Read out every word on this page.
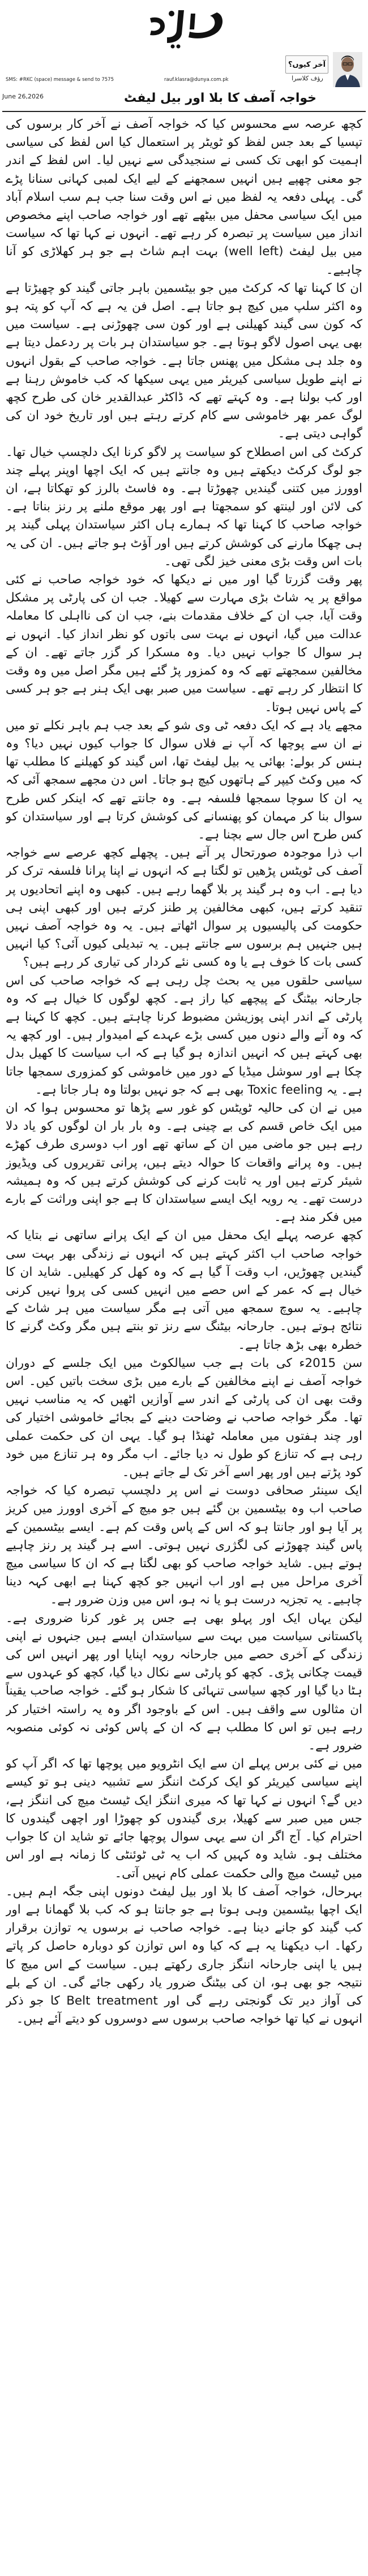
آخر کیوں؟
رؤف کلاسرا
SMS: #RKC (space) message & send to 7575	rauf.klasra@dunya.com.pk
June 26,2026	خواجہ آصف کا بلا اور بیل لیفٹ

کچھ عرصہ سے محسوس کیا کہ خواجہ آصف نے آخر کار برسوں کی تپسیا کے بعد جس لفظ کو ٹویٹر پر استعمال کیا اس لفظ کی سیاسی اہمیت کو ابھی تک کسی نے سنجیدگی سے نہیں لیا۔ اس لفظ کے اندر جو معنی چھپے ہیں انہیں سمجھنے کے لیے ایک لمبی کہانی سنانا پڑے گی۔ پہلی دفعہ یہ لفظ میں نے اس وقت سنا جب ہم سب اسلام آباد میں ایک سیاسی محفل میں بیٹھے تھے اور خواجہ صاحب اپنے مخصوص انداز میں سیاست پر تبصرہ کر رہے تھے۔ انہوں نے کہا تھا کہ سیاست میں بیل لیفٹ (well left) بہت اہم شاٹ ہے جو ہر کھلاڑی کو آنا چاہیے۔

ان کا کہنا تھا کہ کرکٹ میں جو بیٹسمین باہر جاتی گیند کو چھیڑتا ہے وہ اکثر سلپ میں کیچ ہو جاتا ہے۔ اصل فن یہ ہے کہ آپ کو پتہ ہو کہ کون سی گیند کھیلنی ہے اور کون سی چھوڑنی ہے۔ سیاست میں بھی یہی اصول لاگو ہوتا ہے۔ جو سیاستدان ہر بات پر ردعمل دیتا ہے وہ جلد ہی مشکل میں پھنس جاتا ہے۔ خواجہ صاحب کے بقول انہوں نے اپنے طویل سیاسی کیریئر میں یہی سیکھا کہ کب خاموش رہنا ہے اور کب بولنا ہے۔ وہ کہتے تھے کہ ڈاکٹر عبدالقدیر خان کی طرح کچھ لوگ عمر بھر خاموشی سے کام کرتے رہتے ہیں اور تاریخ خود ان کی گواہی دیتی ہے۔

کرکٹ کی اس اصطلاح کو سیاست پر لاگو کرنا ایک دلچسپ خیال تھا۔ جو لوگ کرکٹ دیکھتے ہیں وہ جانتے ہیں کہ ایک اچھا اوپنر پہلے چند اوورز میں کتنی گیندیں چھوڑتا ہے۔ وہ فاسٹ بالرز کو تھکاتا ہے، ان کی لائن اور لینتھ کو سمجھتا ہے اور پھر موقع ملنے پر رنز بناتا ہے۔ خواجہ صاحب کا کہنا تھا کہ ہمارے ہاں اکثر سیاستدان پہلی گیند پر ہی چھکا مارنے کی کوشش کرتے ہیں اور آؤٹ ہو جاتے ہیں۔ ان کی یہ بات اس وقت بڑی معنی خیز لگی تھی۔

پھر وقت گزرتا گیا اور میں نے دیکھا کہ خود خواجہ صاحب نے کئی مواقع پر یہ شاٹ بڑی مہارت سے کھیلا۔ جب ان کی پارٹی پر مشکل وقت آیا، جب ان کے خلاف مقدمات بنے، جب ان کی نااہلی کا معاملہ عدالت میں گیا، انہوں نے بہت سی باتوں کو نظر انداز کیا۔ انہوں نے ہر سوال کا جواب نہیں دیا۔ وہ مسکرا کر گزر جاتے تھے۔ ان کے مخالفین سمجھتے تھے کہ وہ کمزور پڑ گئے ہیں مگر اصل میں وہ وقت کا انتظار کر رہے تھے۔ سیاست میں صبر بھی ایک ہنر ہے جو ہر کسی کے پاس نہیں ہوتا۔

مجھے یاد ہے کہ ایک دفعہ ٹی وی شو کے بعد جب ہم باہر نکلے تو میں نے ان سے پوچھا کہ آپ نے فلاں سوال کا جواب کیوں نہیں دیا؟ وہ ہنس کر بولے: بھائی یہ بیل لیفٹ تھا، اس گیند کو کھیلنے کا مطلب تھا کہ میں وکٹ کیپر کے ہاتھوں کیچ ہو جاتا۔ اس دن مجھے سمجھ آئی کہ یہ ان کا سوچا سمجھا فلسفہ ہے۔ وہ جانتے تھے کہ اینکر کس طرح سوال بنا کر مہمان کو پھنسانے کی کوشش کرتا ہے اور سیاستدان کو کس طرح اس جال سے بچنا ہے۔

اب ذرا موجودہ صورتحال پر آتے ہیں۔ پچھلے کچھ عرصے سے خواجہ آصف کی ٹویٹس پڑھیں تو لگتا ہے کہ انہوں نے اپنا پرانا فلسفہ ترک کر دیا ہے۔ اب وہ ہر گیند پر بلا گھما رہے ہیں۔ کبھی وہ اپنے اتحادیوں پر تنقید کرتے ہیں، کبھی مخالفین پر طنز کرتے ہیں اور کبھی اپنی ہی حکومت کی پالیسیوں پر سوال اٹھاتے ہیں۔ یہ وہ خواجہ آصف نہیں ہیں جنہیں ہم برسوں سے جانتے ہیں۔ یہ تبدیلی کیوں آئی؟ کیا انہیں کسی بات کا خوف ہے یا وہ کسی نئے کردار کی تیاری کر رہے ہیں؟

سیاسی حلقوں میں یہ بحث چل رہی ہے کہ خواجہ صاحب کی اس جارحانہ بیٹنگ کے پیچھے کیا راز ہے۔ کچھ لوگوں کا خیال ہے کہ وہ پارٹی کے اندر اپنی پوزیشن مضبوط کرنا چاہتے ہیں۔ کچھ کا کہنا ہے کہ وہ آنے والے دنوں میں کسی بڑے عہدے کے امیدوار ہیں۔ اور کچھ یہ بھی کہتے ہیں کہ انہیں اندازہ ہو گیا ہے کہ اب سیاست کا کھیل بدل چکا ہے اور سوشل میڈیا کے دور میں خاموشی کو کمزوری سمجھا جاتا ہے۔ یہ Toxic feeling بھی ہے کہ جو نہیں بولتا وہ ہار جاتا ہے۔

میں نے ان کی حالیہ ٹویٹس کو غور سے پڑھا تو محسوس ہوا کہ ان میں ایک خاص قسم کی بے چینی ہے۔ وہ بار بار ان لوگوں کو یاد دلا رہے ہیں جو ماضی میں ان کے ساتھ تھے اور اب دوسری طرف کھڑے ہیں۔ وہ پرانے واقعات کا حوالہ دیتے ہیں، پرانی تقریروں کی ویڈیوز شیئر کرتے ہیں اور یہ ثابت کرنے کی کوشش کرتے ہیں کہ وہ ہمیشہ درست تھے۔ یہ رویہ ایک ایسے سیاستدان کا ہے جو اپنی وراثت کے بارے میں فکر مند ہے۔

کچھ عرصہ پہلے ایک محفل میں ان کے ایک پرانے ساتھی نے بتایا کہ خواجہ صاحب اب اکثر کہتے ہیں کہ انہوں نے زندگی بھر بہت سی گیندیں چھوڑیں، اب وقت آ گیا ہے کہ وہ کھل کر کھیلیں۔ شاید ان کا خیال ہے کہ عمر کے اس حصے میں انہیں کسی کی پروا نہیں کرنی چاہیے۔ یہ سوچ سمجھ میں آتی ہے مگر سیاست میں ہر شاٹ کے نتائج ہوتے ہیں۔ جارحانہ بیٹنگ سے رنز تو بنتے ہیں مگر وکٹ گرنے کا خطرہ بھی بڑھ جاتا ہے۔

سن 2015ء کی بات ہے جب سیالکوٹ میں ایک جلسے کے دوران خواجہ آصف نے اپنے مخالفین کے بارے میں بڑی سخت باتیں کیں۔ اس وقت بھی ان کی پارٹی کے اندر سے آوازیں اٹھیں کہ یہ مناسب نہیں تھا۔ مگر خواجہ صاحب نے وضاحت دینے کے بجائے خاموشی اختیار کی اور چند ہفتوں میں معاملہ ٹھنڈا ہو گیا۔ یہی ان کی حکمت عملی رہی ہے کہ تنازع کو طول نہ دیا جائے۔ اب مگر وہ ہر تنازع میں خود کود پڑتے ہیں اور پھر اسے آخر تک لے جاتے ہیں۔

ایک سینئر صحافی دوست نے اس پر دلچسپ تبصرہ کیا کہ خواجہ صاحب اب وہ بیٹسمین بن گئے ہیں جو میچ کے آخری اوورز میں کریز پر آیا ہو اور جانتا ہو کہ اس کے پاس وقت کم ہے۔ ایسے بیٹسمین کے پاس گیند چھوڑنے کی لگژری نہیں ہوتی۔ اسے ہر گیند پر رنز چاہیے ہوتے ہیں۔ شاید خواجہ صاحب کو بھی لگتا ہے کہ ان کا سیاسی میچ آخری مراحل میں ہے اور اب انہیں جو کچھ کہنا ہے ابھی کہہ دینا چاہیے۔ یہ تجزیہ درست ہو یا نہ ہو، اس میں وزن ضرور ہے۔

لیکن یہاں ایک اور پہلو بھی ہے جس پر غور کرنا ضروری ہے۔ پاکستانی سیاست میں بہت سے سیاستدان ایسے ہیں جنہوں نے اپنی زندگی کے آخری حصے میں جارحانہ رویہ اپنایا اور پھر انہیں اس کی قیمت چکانی پڑی۔ کچھ کو پارٹی سے نکال دیا گیا، کچھ کو عہدوں سے ہٹا دیا گیا اور کچھ سیاسی تنہائی کا شکار ہو گئے۔ خواجہ صاحب یقیناً ان مثالوں سے واقف ہیں۔ اس کے باوجود اگر وہ یہ راستہ اختیار کر رہے ہیں تو اس کا مطلب ہے کہ ان کے پاس کوئی نہ کوئی منصوبہ ضرور ہے۔

میں نے کئی برس پہلے ان سے ایک انٹرویو میں پوچھا تھا کہ اگر آپ کو اپنے سیاسی کیریئر کو ایک کرکٹ اننگز سے تشبیہ دینی ہو تو کیسے دیں گے؟ انہوں نے کہا تھا کہ میری اننگز ایک ٹیسٹ میچ کی اننگز ہے، جس میں صبر سے کھیلا، بری گیندوں کو چھوڑا اور اچھی گیندوں کا احترام کیا۔ آج اگر ان سے یہی سوال پوچھا جائے تو شاید ان کا جواب مختلف ہو۔ شاید وہ کہیں کہ اب یہ ٹی ٹوئنٹی کا زمانہ ہے اور اس میں ٹیسٹ میچ والی حکمت عملی کام نہیں آتی۔

بہرحال، خواجہ آصف کا بلا اور بیل لیفٹ دونوں اپنی جگہ اہم ہیں۔ ایک اچھا بیٹسمین وہی ہوتا ہے جو جانتا ہو کہ کب بلا گھمانا ہے اور کب گیند کو جانے دینا ہے۔ خواجہ صاحب نے برسوں یہ توازن برقرار رکھا۔ اب دیکھنا یہ ہے کہ کیا وہ اس توازن کو دوبارہ حاصل کر پاتے ہیں یا اپنی جارحانہ اننگز جاری رکھتے ہیں۔ سیاست کے اس میچ کا نتیجہ جو بھی ہو، ان کی بیٹنگ ضرور یاد رکھی جائے گی۔ ان کے بلے کی آواز دیر تک گونجتی رہے گی اور Belt treatment کا جو ذکر انہوں نے کیا تھا خواجہ صاحب برسوں سے دوسروں کو دیتے آئے ہیں۔
